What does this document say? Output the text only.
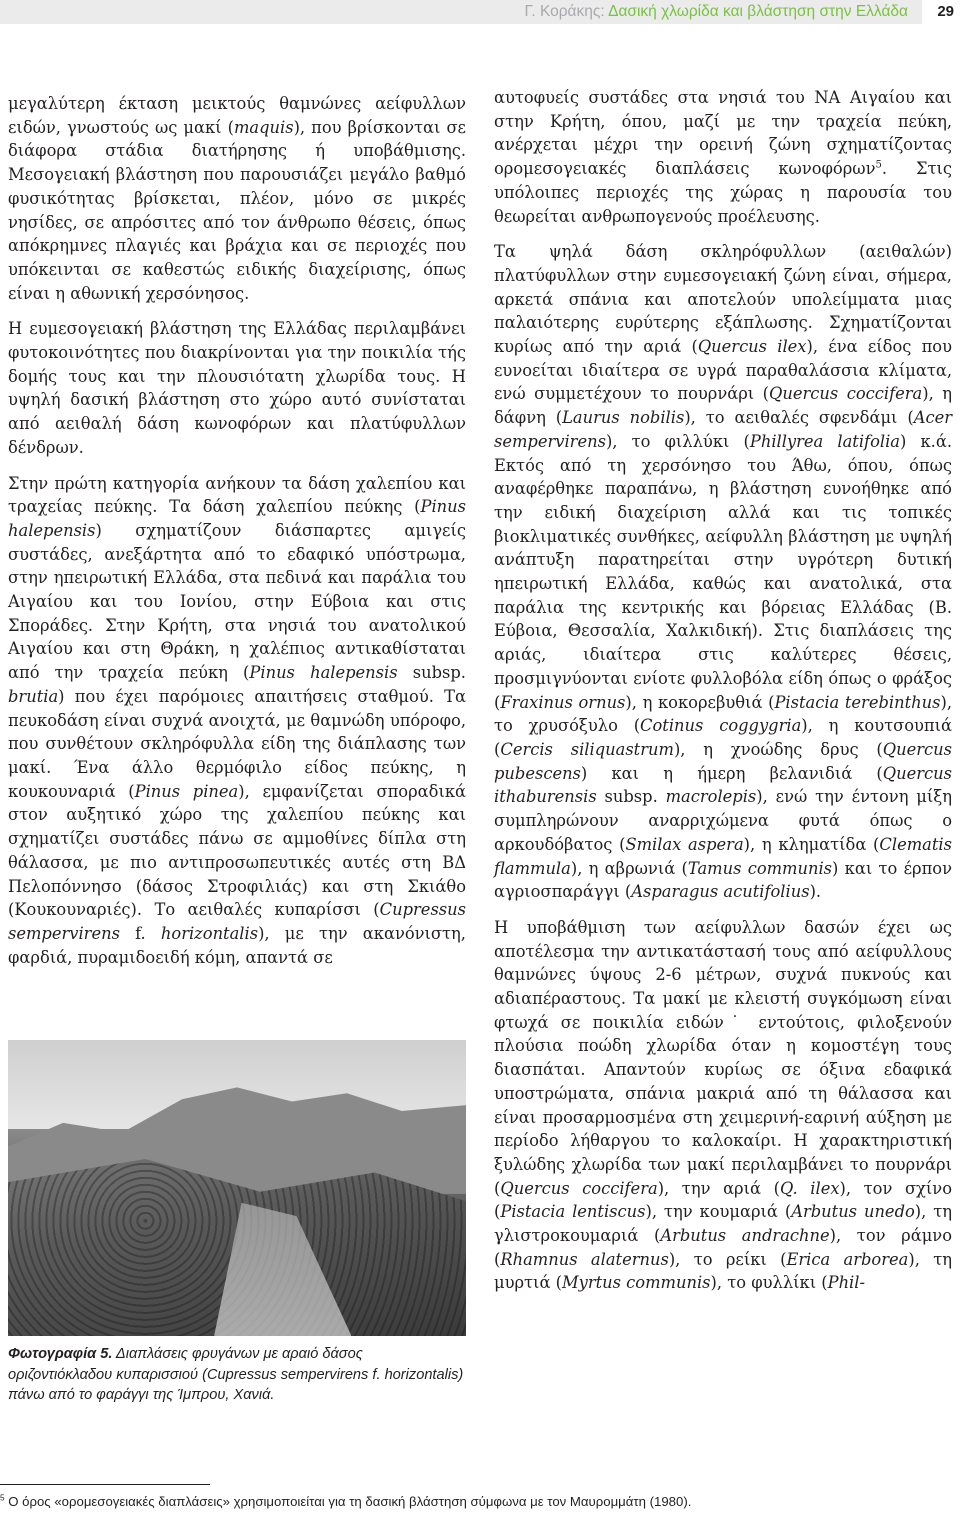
Γ. Κοράκης: Δασική χλωρίδα και βλάστηση στην Ελλάδα 29

μεγαλύτερη έκταση μεικτούς θαμνώνες αείφυλλων ειδών, γνωστούς ως μακί (maquis), που βρίσκονται σε διάφορα στάδια διατήρησης ή υποβάθμισης. Μεσογειακή βλάστηση που παρουσιάζει μεγάλο βαθμό φυσικότητας βρίσκεται, πλέον, μόνο σε μικρές νησίδες, σε απρόσιτες από τον άνθρωπο θέσεις, όπως απόκρημνες πλαγιές και βράχια και σε περιοχές που υπόκεινται σε καθεστώς ειδικής διαχείρισης, όπως είναι η αθωνική χερσόνησος.

Η ευμεσογειακή βλάστηση της Ελλάδας περιλαμβάνει φυτοκοινότητες που διακρίνονται για την ποικιλία τής δομής τους και την πλουσιότατη χλωρίδα τους. Η υψηλή δασική βλάστηση στο χώρο αυτό συνίσταται από αειθαλή δάση κωνοφόρων και πλατύφυλλων δένδρων.

Στην πρώτη κατηγορία ανήκουν τα δάση χαλεπίου και τραχείας πεύκης. Τα δάση χαλεπίου πεύκης (Pinus halepensis) σχηματίζουν διάσπαρτες αμιγείς συστάδες, ανεξάρτητα από το εδαφικό υπόστρωμα, στην ηπειρωτική Ελλάδα, στα πεδινά και παράλια του Αιγαίου και του Ιονίου, στην Εύβοια και στις Σποράδες. Στην Κρήτη, στα νησιά του ανατολικού Αιγαίου και στη Θράκη, η χαλέπιος αντικαθίσταται από την τραχεία πεύκη (Pinus halepensis subsp. brutia) που έχει παρόμοιες απαιτήσεις σταθμού. Τα πευκοδάση είναι συχνά ανοιχτά, με θαμνώδη υπόροφο, που συνθέτουν σκληρόφυλλα είδη της διάπλασης των μακί. Ένα άλλο θερμόφιλο είδος πεύκης, η κουκουναριά (Pinus pinea), εμφανίζεται σποραδικά στον αυξητικό χώρο της χαλεπίου πεύκης και σχηματίζει συστάδες πάνω σε αμμοθίνες δίπλα στη θάλασσα, με πιο αντιπροσωπευτικές αυτές στη ΒΔ Πελοπόννησο (δάσος Στροφιλιάς) και στη Σκιάθο (Κουκουναριές). Το αειθαλές κυπαρίσσι (Cupressus sempervirens f. horizontalis), με την ακανόνιστη, φαρδιά, πυραμιδοειδή κόμη, απαντά σε

Φωτογραφία 5. Διαπλάσεις φρυγάνων με αραιό δάσος οριζοντιόκλαδου κυπαρισσιού (Cupressus sempervirens f. horizontalis) πάνω από το φαράγγι της Ίμπρου, Χανιά.

αυτοφυείς συστάδες στα νησιά του ΝΑ Αιγαίου και στην Κρήτη, όπου, μαζί με την τραχεία πεύκη, ανέρχεται μέχρι την ορεινή ζώνη σχηματίζοντας ορομεσογειακές διαπλάσεις κωνοφόρων$^5$. Στις υπόλοιπες περιοχές της χώρας η παρουσία του θεωρείται ανθρωπογενούς προέλευσης.

Τα ψηλά δάση σκληρόφυλλων (αειθαλών) πλατύφυλλων στην ευμεσογειακή ζώνη είναι, σήμερα, αρκετά σπάνια και αποτελούν υπολείμματα μιας παλαιότερης ευρύτερης εξάπλωσης. Σχηματίζονται κυρίως από την αριά (Quercus ilex), ένα είδος που ευνοείται ιδιαίτερα σε υγρά παραθαλάσσια κλίματα, ενώ συμμετέχουν το πουρνάρι (Quercus coccifera), η δάφνη (Laurus nobilis), το αειθαλές σφενδάμι (Acer sempervirens), το φιλλύκι (Phillyrea latifolia) κ.ά. Εκτός από τη χερσόνησο του Άθω, όπου, όπως αναφέρθηκε παραπάνω, η βλάστηση ευνοήθηκε από την ειδική διαχείριση αλλά και τις τοπικές βιοκλιματικές συνθήκες, αείφυλλη βλάστηση με υψηλή ανάπτυξη παρατηρείται στην υγρότερη δυτική ηπειρωτική Ελλάδα, καθώς και ανατολικά, στα παράλια της κεντρικής και βόρειας Ελλάδας (Β. Εύβοια, Θεσσαλία, Χαλκιδική). Στις διαπλάσεις της αριάς, ιδιαίτερα στις καλύτερες θέσεις, προσμιγνύονται ενίοτε φυλλοβόλα είδη όπως ο φράξος (Fraxinus ornus), η κοκορεβυθιά (Pistacia terebinthus), το χρυσόξυλο (Cotinus coggygria), η κουτσουπιά (Cercis siliquastrum), η χνοώδης δρυς (Quercus pubescens) και η ήμερη βελανιδιά (Quercus ithaburensis subsp. macrolepis), ενώ την έντονη μίξη συμπληρώνουν αναρριχώμενα φυτά όπως ο αρκουδόβατος (Smilax aspera), η κληματίδα (Clematis flammula), η αβρωνιά (Tamus communis) και το έρπον αγριοσπαράγγι (Asparagus acutifolius).

Η υποβάθμιση των αείφυλλων δασών έχει ως αποτέλεσμα την αντικατάστασή τους από αείφυλλους θαμνώνες ύψους 2-6 μέτρων, συχνά πυκνούς και αδιαπέραστους. Τα μακί με κλειστή συγκόμωση είναι φτωχά σε ποικιλία ειδών˙ εντούτοις, φιλοξενούν πλούσια ποώδη χλωρίδα όταν η κομοστέγη τους διασπάται. Απαντούν κυρίως σε όξινα εδαφικά υποστρώματα, σπάνια μακριά από τη θάλασσα και είναι προσαρμοσμένα στη χειμερινή-εαρινή αύξηση με περίοδο λήθαργου το καλοκαίρι. Η χαρακτηριστική ξυλώδης χλωρίδα των μακί περιλαμβάνει το πουρνάρι (Quercus coccifera), την αριά (Q. ilex), τον σχίνο (Pistacia lentiscus), την κουμαριά (Arbutus unedo), τη γλιστροκουμαριά (Arbutus andrachne), τον ράμνο (Rhamnus alaternus), το ρείκι (Erica arborea), τη μυρτιά (Myrtus communis), το φυλλίκι (Phil-

$^5$ Ο όρος «ορομεσογειακές διαπλάσεις» χρησιμοποιείται για τη δασική βλάστηση σύμφωνα με τον Μαυρομμάτη (1980).
